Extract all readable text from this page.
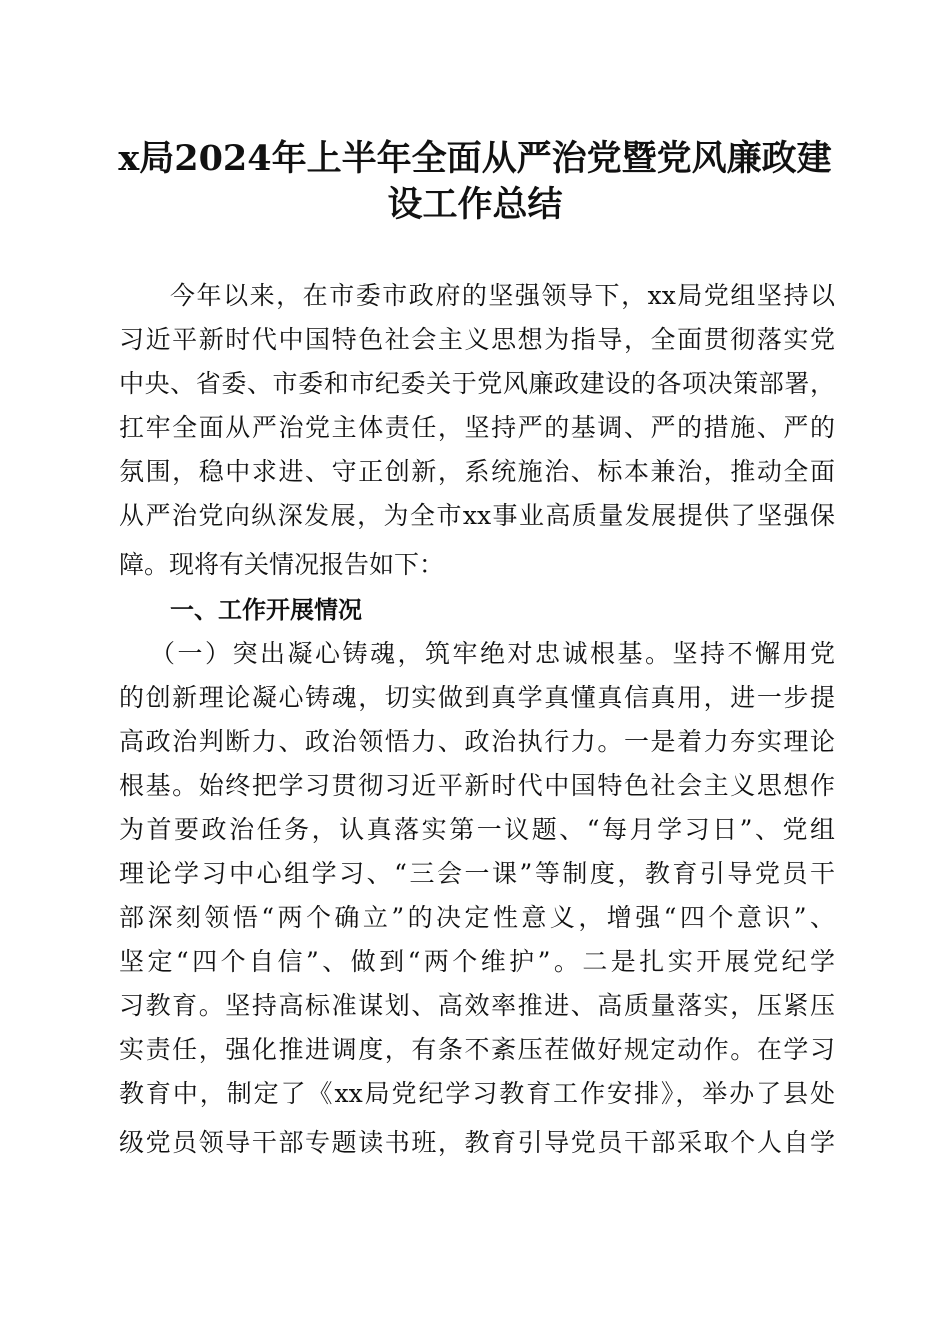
x局2024年上半年全面从严治党暨党风廉政建
设工作总结
今年以来，在市委市政府的坚强领导下，xx局党组坚持以
习近平新时代中国特色社会主义思想为指导，全面贯彻落实党
中央、省委、市委和市纪委关于党风廉政建设的各项决策部署，
扛牢全面从严治党主体责任，坚持严的基调、严的措施、严的
氛围，稳中求进、守正创新，系统施治、标本兼治，推动全面
从严治党向纵深发展，为全市xx事业高质量发展提供了坚强保
障。现将有关情况报告如下：
一、工作开展情况
（一）突出凝心铸魂，筑牢绝对忠诚根基。坚持不懈用党
的创新理论凝心铸魂，切实做到真学真懂真信真用，进一步提
高政治判断力、政治领悟力、政治执行力。一是着力夯实理论
根基。始终把学习贯彻习近平新时代中国特色社会主义思想作
为首要政治任务，认真落实第一议题、“每月学习日”、党组
理论学习中心组学习、“三会一课”等制度，教育引导党员干
部深刻领悟“两个确立”的决定性意义，增强“四个意识”、
坚定“四个自信”、做到“两个维护”。二是扎实开展党纪学
习教育。坚持高标准谋划、高效率推进、高质量落实，压紧压
实责任，强化推进调度，有条不紊压茬做好规定动作。在学习
教育中，制定了《xx局党纪学习教育工作安排》，举办了县处
级党员领导干部专题读书班，教育引导党员干部采取个人自学
